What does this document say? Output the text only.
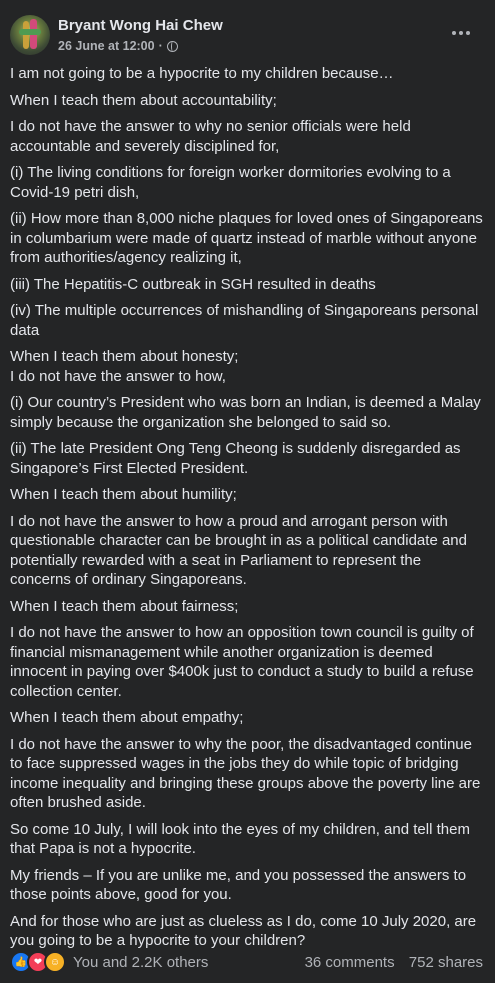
Bryant Wong Hai Chew
26 June at 12:00 ·

I am not going to be a hypocrite to my children because…

When I teach them about accountability;

I do not have the answer to why no senior officials were held accountable and severely disciplined for,

(i) The living conditions for foreign worker dormitories evolving to a Covid-19 petri dish,

(ii) How more than 8,000 niche plaques for loved ones of Singaporeans in columbarium were made of quartz instead of marble without anyone from authorities/agency realizing it,

(iii) The Hepatitis-C outbreak in SGH resulted in deaths

(iv) The multiple occurrences of mishandling of Singaporeans personal data

When I teach them about honesty;
I do not have the answer to how,

(i) Our country’s President who was born an Indian, is deemed a Malay simply because the organization she belonged to said so.

(ii) The late President Ong Teng Cheong is suddenly disregarded as Singapore’s First Elected President.

When I teach them about humility;

I do not have the answer to how a proud and arrogant person with questionable character can be brought in as a political candidate and potentially rewarded with a seat in Parliament to represent the concerns of ordinary Singaporeans.

When I teach them about fairness;

I do not have the answer to how an opposition town council is guilty of financial mismanagement while another organization is deemed innocent in paying over $400k just to conduct a study to build a refuse collection center.

When I teach them about empathy;

I do not have the answer to why the poor, the disadvantaged continue to face suppressed wages in the jobs they do while topic of bridging income inequality and bringing these groups above the poverty line are often brushed aside.

So come 10 July, I will look into the eyes of my children, and tell them that Papa is not a hypocrite.

My friends – If you are unlike me, and you possessed the answers to those points above, good for you.

And for those who are just as clueless as I do, come 10 July 2020, are you going to be a hypocrite to your children?

👍 ❤ ☺ You and 2.2K others	36 comments 752 shares
